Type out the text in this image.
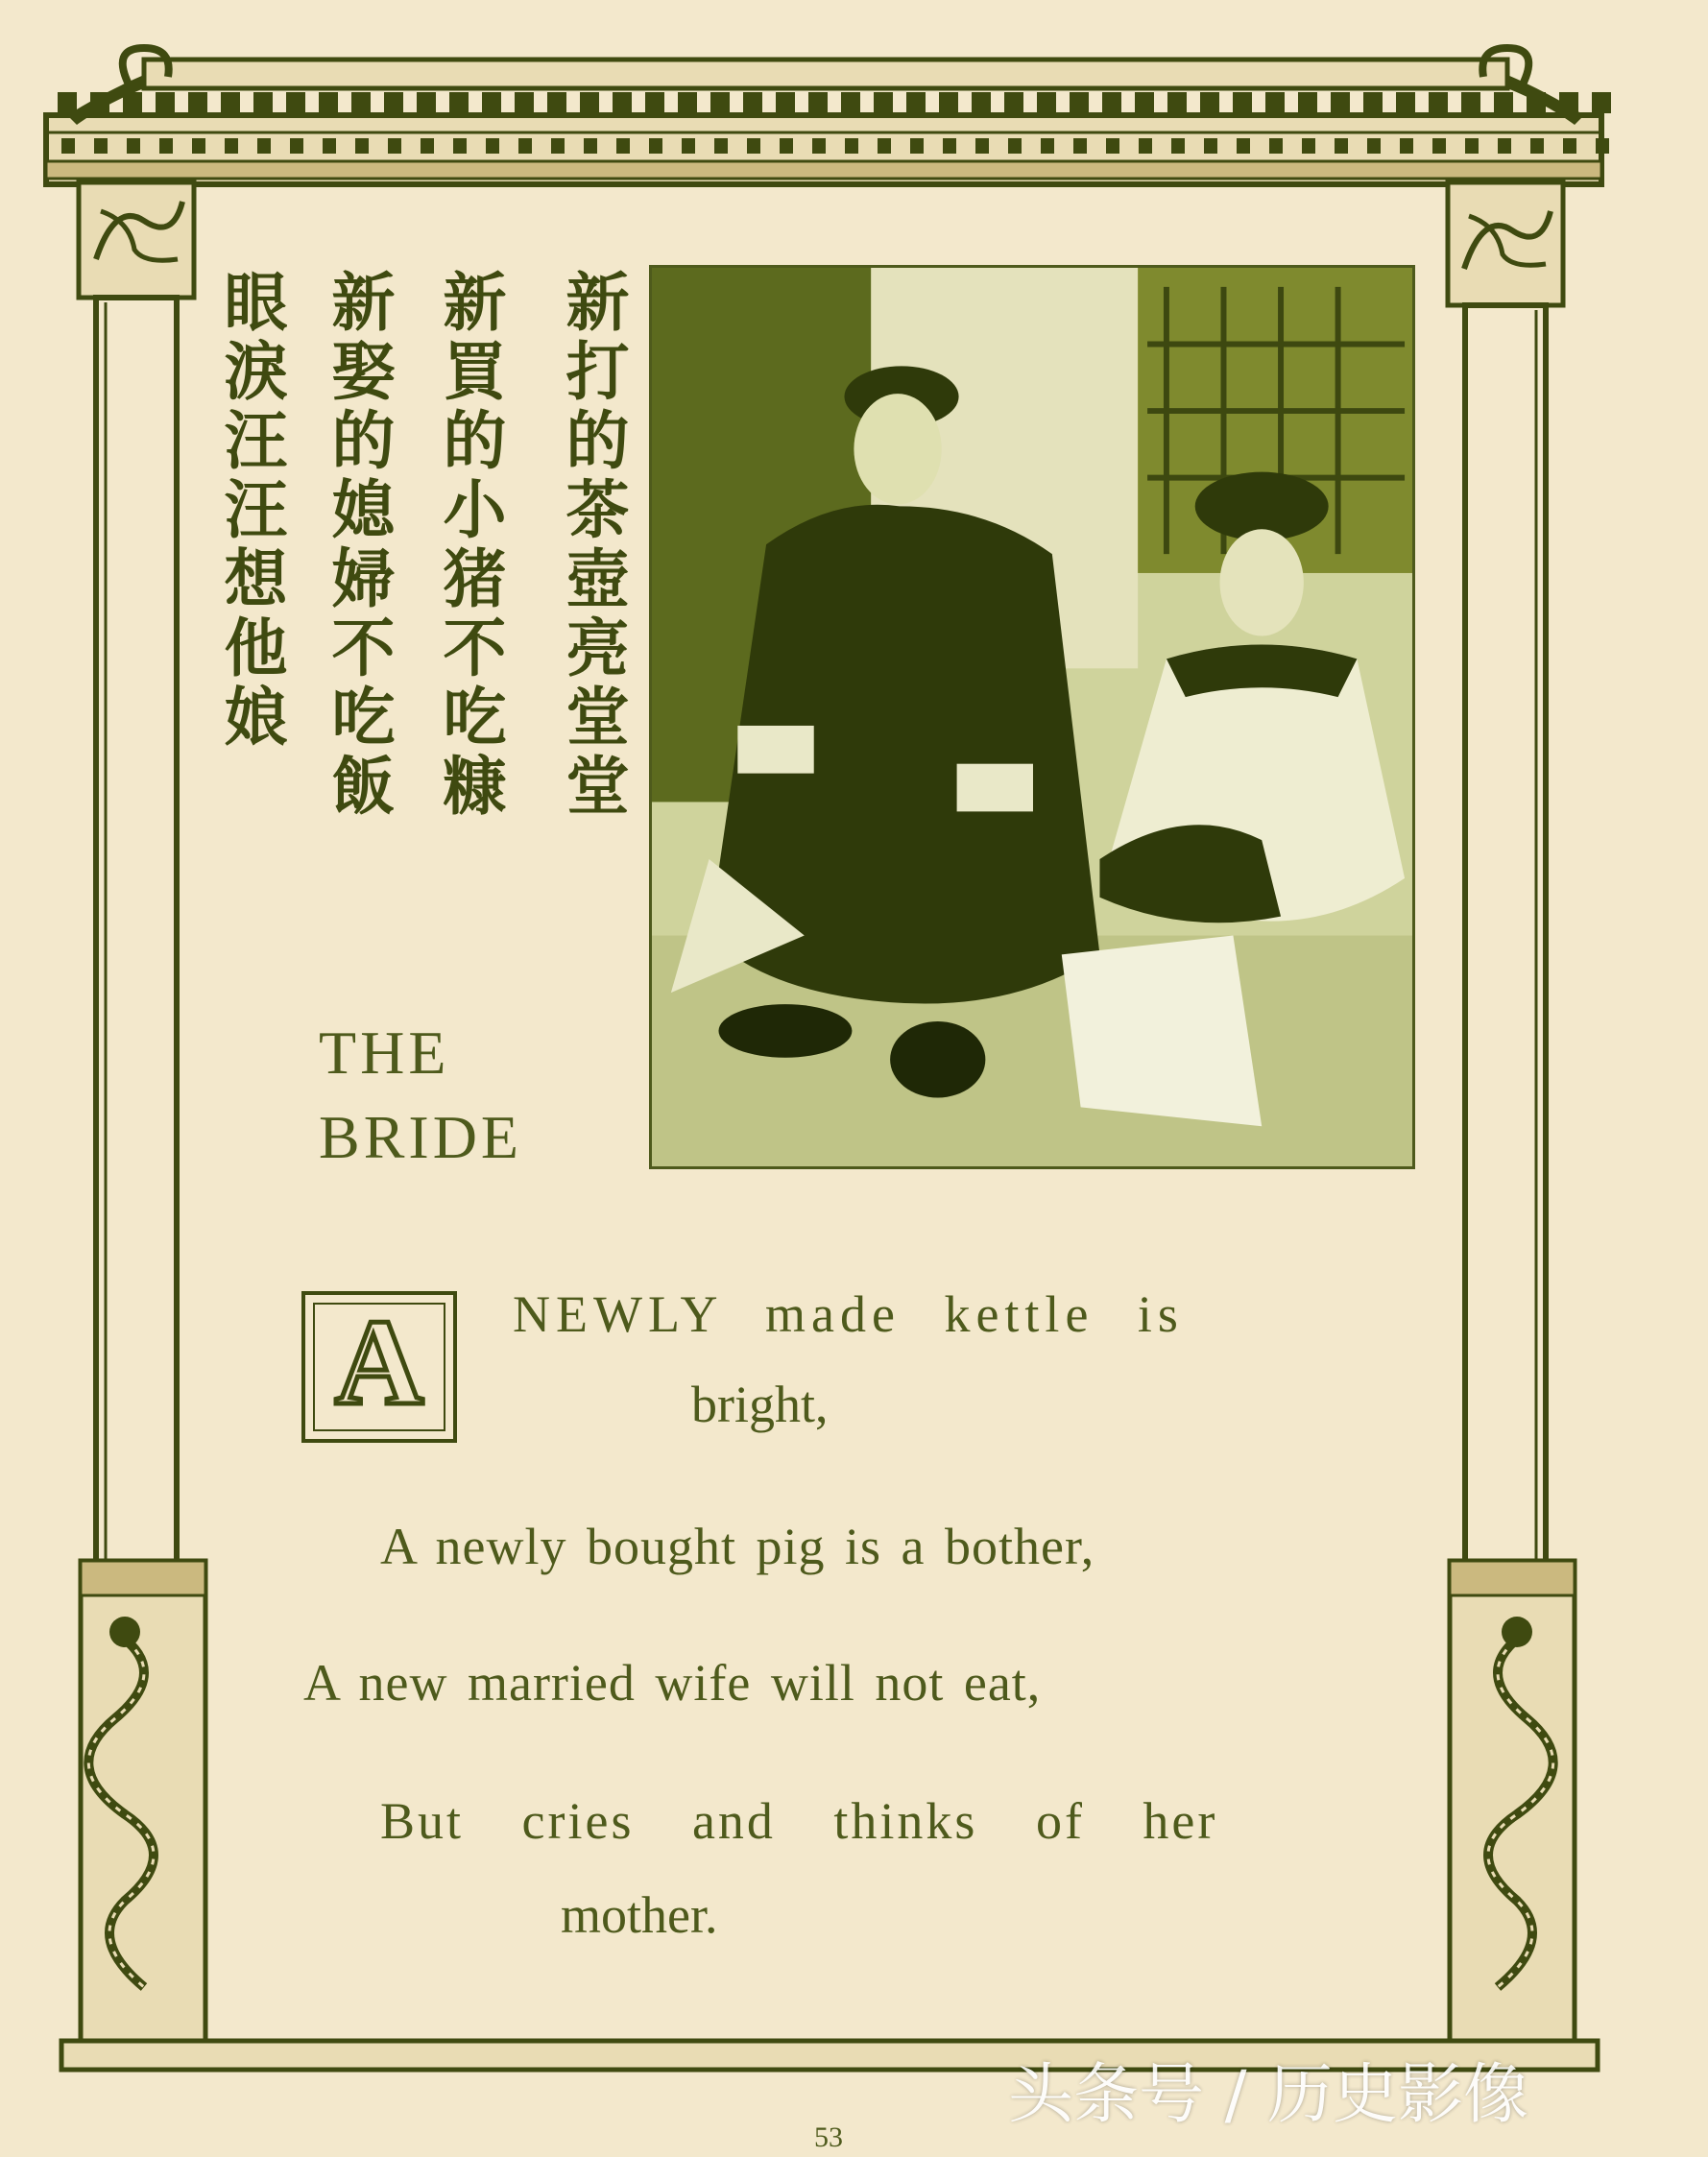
新打的茶壺亮堂堂
新買的小猪不吃糠
新娶的媳婦不吃飯
眼淚汪汪想他娘
THE
BRIDE
A	NEWLY made kettle is
bright,
A newly bought pig is a bother,
A new married wife will not eat,
But cries and thinks of her
mother.
53
头条号 / 历史影像
